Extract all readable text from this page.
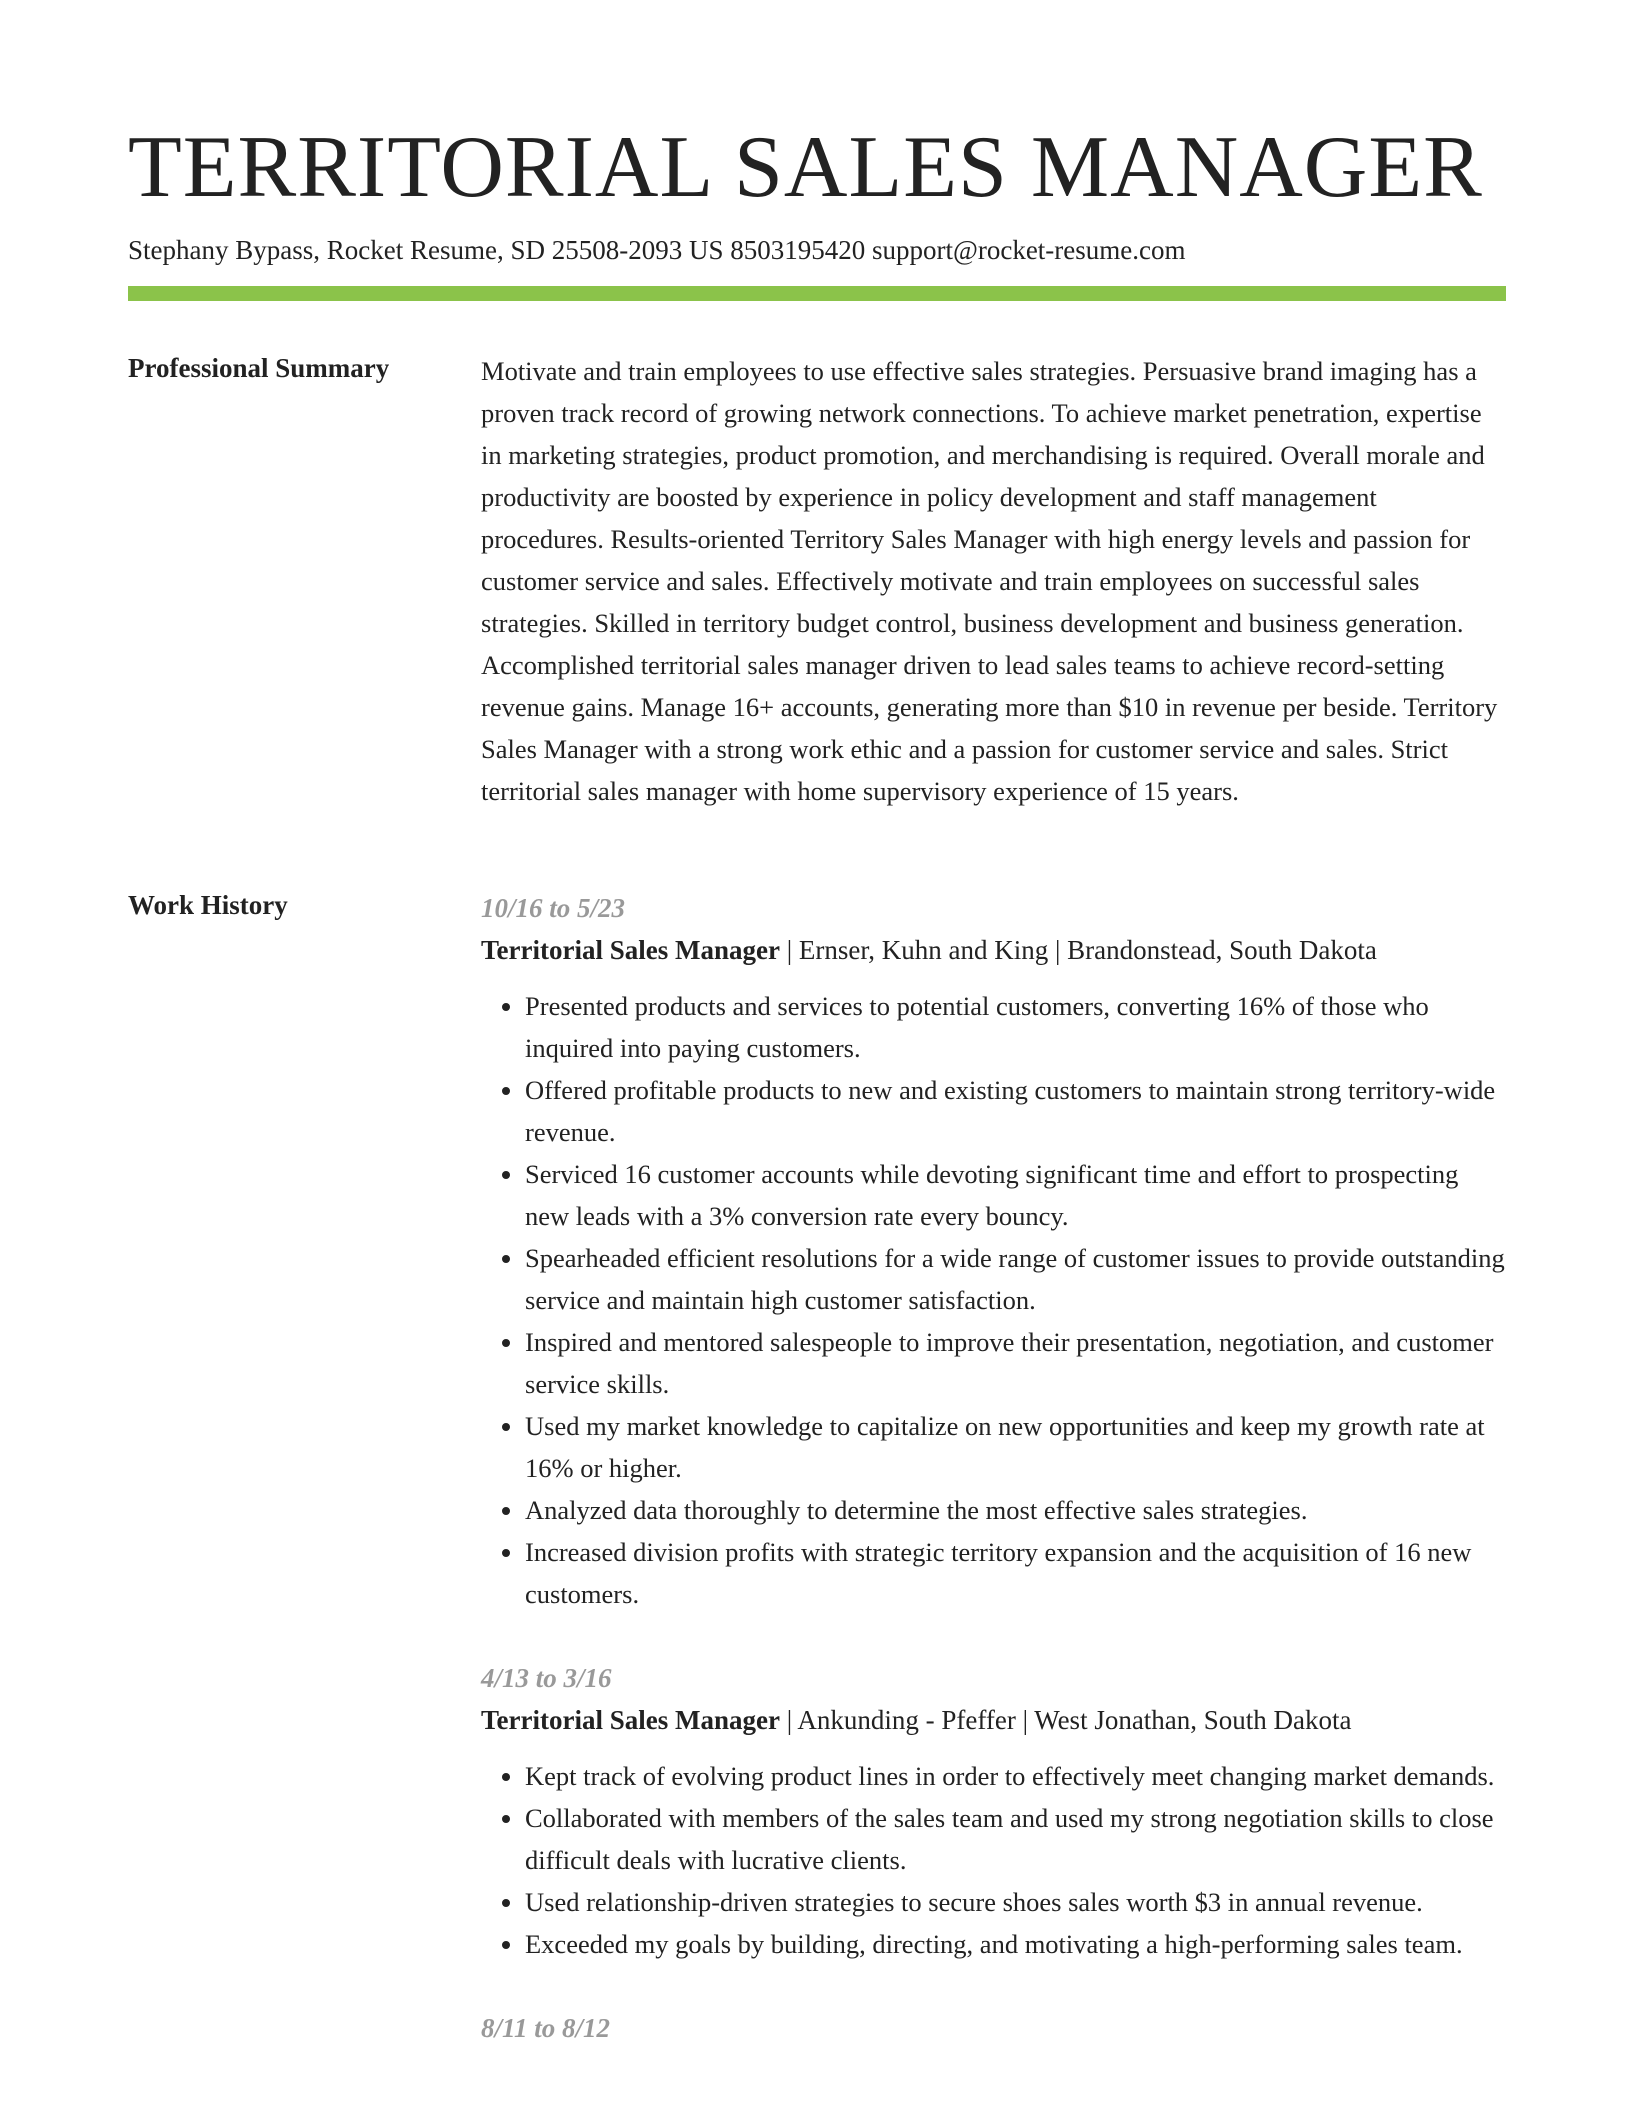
TERRITORIAL SALES MANAGER
Stephany Bypass, Rocket Resume, SD 25508-2093 US 8503195420 support@rocket-resume.com
Professional Summary	Motivate and train employees to use effective sales strategies. Persuasive brand imaging has a proven track record of growing network connections. To achieve market penetration, expertise in marketing strategies, product promotion, and merchandising is required. Overall morale and productivity are boosted by experience in policy development and staff management procedures. Results-oriented Territory Sales Manager with high energy levels and passion for customer service and sales. Effectively motivate and train employees on successful sales strategies. Skilled in territory budget control, business development and business generation. Accomplished territorial sales manager driven to lead sales teams to achieve record-setting revenue gains. Manage 16+ accounts, generating more than $10 in revenue per beside. Territory Sales Manager with a strong work ethic and a passion for customer service and sales. Strict territorial sales manager with home supervisory experience of 15 years.
Work History	10/16 to 5/23
Territorial Sales Manager | Ernser, Kuhn and King | Brandonstead, South Dakota
• Presented products and services to potential customers, converting 16% of those who inquired into paying customers.
• Offered profitable products to new and existing customers to maintain strong territory-wide revenue.
• Serviced 16 customer accounts while devoting significant time and effort to prospecting new leads with a 3% conversion rate every bouncy.
• Spearheaded efficient resolutions for a wide range of customer issues to provide outstanding service and maintain high customer satisfaction.
• Inspired and mentored salespeople to improve their presentation, negotiation, and customer service skills.
• Used my market knowledge to capitalize on new opportunities and keep my growth rate at 16% or higher.
• Analyzed data thoroughly to determine the most effective sales strategies.
• Increased division profits with strategic territory expansion and the acquisition of 16 new customers.
4/13 to 3/16
Territorial Sales Manager | Ankunding - Pfeffer | West Jonathan, South Dakota
• Kept track of evolving product lines in order to effectively meet changing market demands.
• Collaborated with members of the sales team and used my strong negotiation skills to close difficult deals with lucrative clients.
• Used relationship-driven strategies to secure shoes sales worth $3 in annual revenue.
• Exceeded my goals by building, directing, and motivating a high-performing sales team.
8/11 to 8/12
